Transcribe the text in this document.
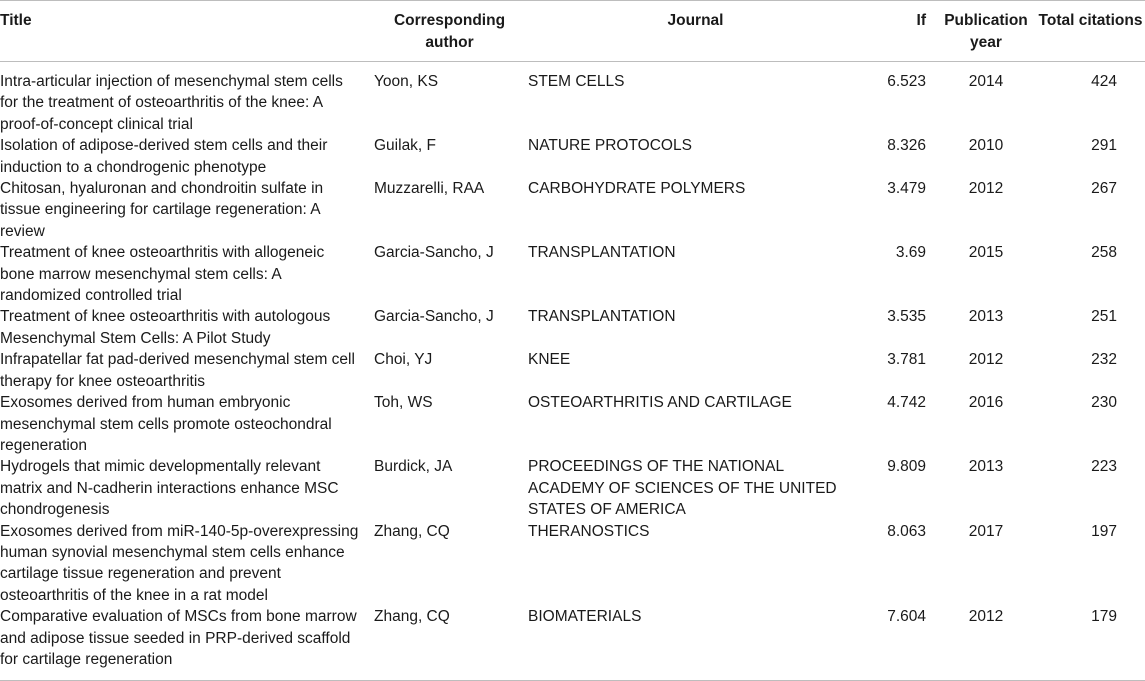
Title	Corresponding author	Journal	If	Publication year	Total citations
Intra-articular injection of mesenchymal stem cells for the treatment of osteoarthritis of the knee: A proof-of-concept clinical trial	Yoon, KS	STEM CELLS	6.523	2014	424
Isolation of adipose-derived stem cells and their induction to a chondrogenic phenotype	Guilak, F	NATURE PROTOCOLS	8.326	2010	291
Chitosan, hyaluronan and chondroitin sulfate in tissue engineering for cartilage regeneration: A review	Muzzarelli, RAA	CARBOHYDRATE POLYMERS	3.479	2012	267
Treatment of knee osteoarthritis with allogeneic bone marrow mesenchymal stem cells: A randomized controlled trial	Garcia-Sancho, J	TRANSPLANTATION	3.69	2015	258
Treatment of knee osteoarthritis with autologous Mesenchymal Stem Cells: A Pilot Study	Garcia-Sancho, J	TRANSPLANTATION	3.535	2013	251
Infrapatellar fat pad-derived mesenchymal stem cell therapy for knee osteoarthritis	Choi, YJ	KNEE	3.781	2012	232
Exosomes derived from human embryonic mesenchymal stem cells promote osteochondral regeneration	Toh, WS	OSTEOARTHRITIS AND CARTILAGE	4.742	2016	230
Hydrogels that mimic developmentally relevant matrix and N-cadherin interactions enhance MSC chondrogenesis	Burdick, JA	PROCEEDINGS OF THE NATIONAL ACADEMY OF SCIENCES OF THE UNITED STATES OF AMERICA	9.809	2013	223
Exosomes derived from miR-140-5p-overexpressing human synovial mesenchymal stem cells enhance cartilage tissue regeneration and prevent osteoarthritis of the knee in a rat model	Zhang, CQ	THERANOSTICS	8.063	2017	197
Comparative evaluation of MSCs from bone marrow and adipose tissue seeded in PRP-derived scaffold for cartilage regeneration	Zhang, CQ	BIOMATERIALS	7.604	2012	179
